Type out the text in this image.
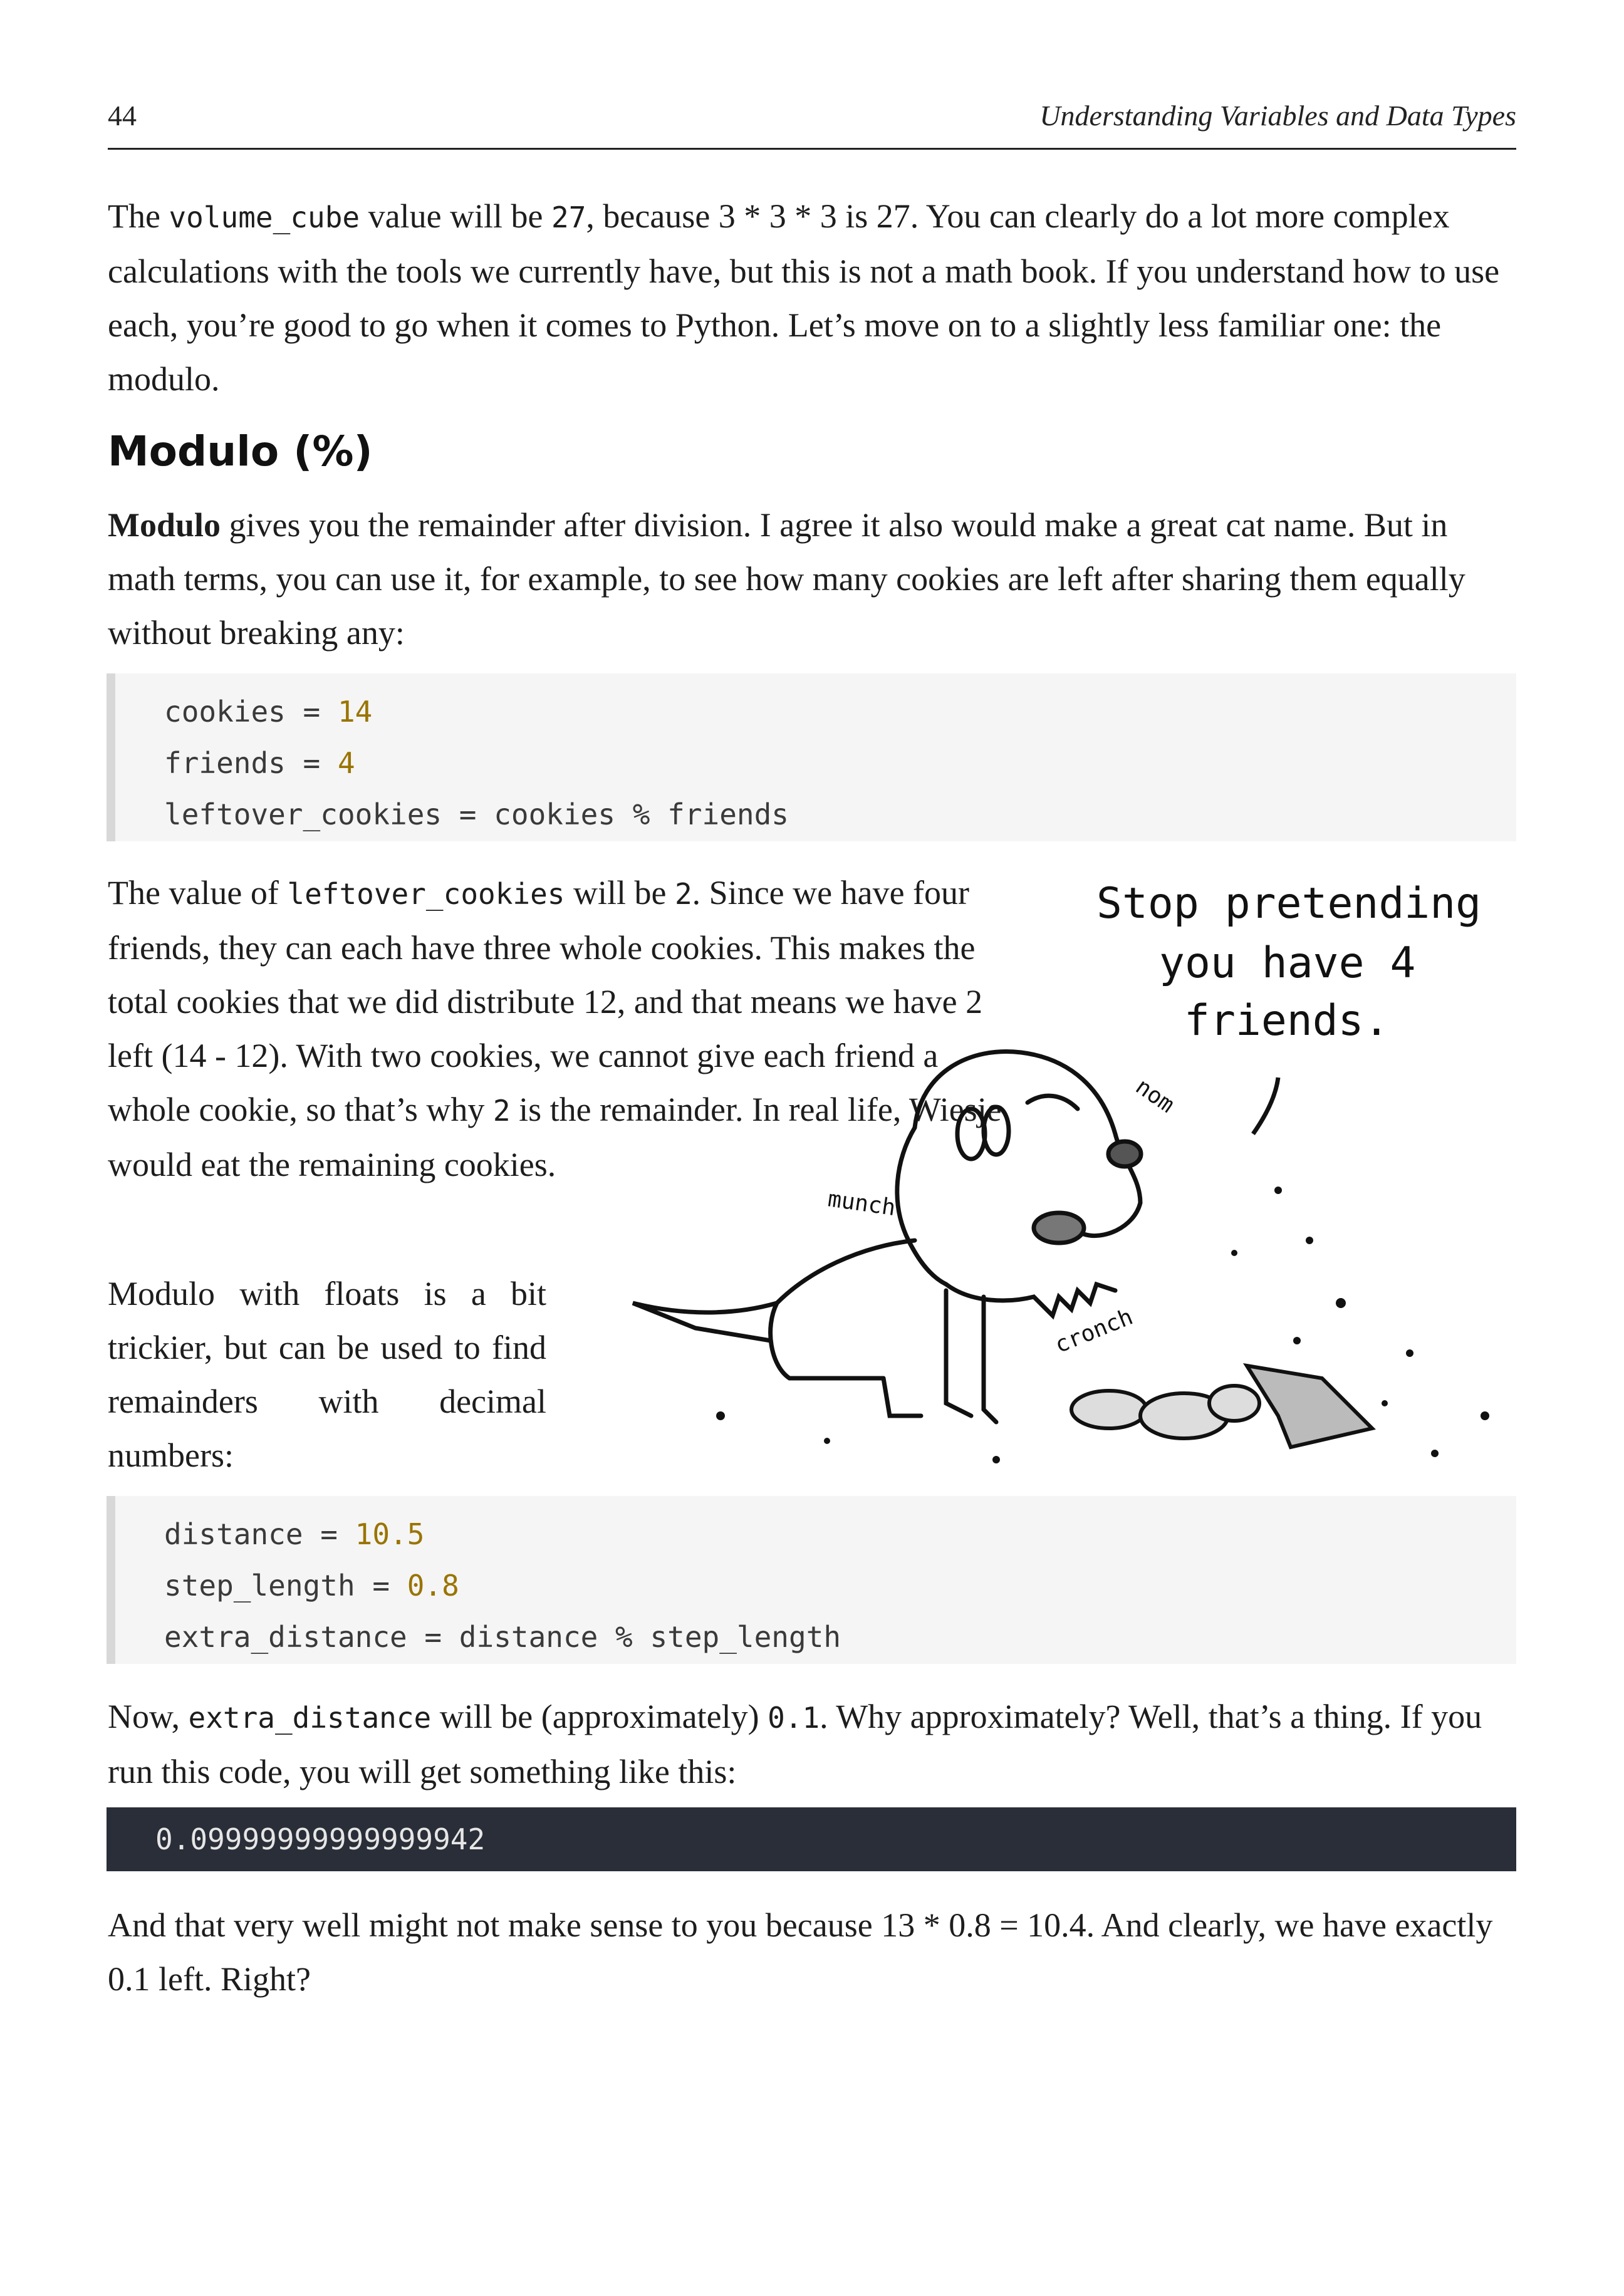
44	Understanding Variables and Data Types

The volume_cube value will be 27, because 3 * 3 * 3 is 27. You can clearly do a lot more complex calculations with the tools we currently have, but this is not a math book. If you understand how to use each, you’re good to go when it comes to Python. Let’s move on to a slightly less familiar one: the modulo.

Modulo (%)

Modulo gives you the remainder after division. I agree it also would make a great cat name. But in math terms, you can use it, for example, to see how many cookies are left after sharing them equally without breaking any:

cookies = 14
friends = 4
leftover_cookies = cookies % friends

The value of leftover_cookies will be 2. Since we have four friends, they can each have three whole cookies. This makes the total cookies that we did distribute 12, and that means we have 2 left (14 - 12). With two cookies, we cannot give each friend a whole cookie, so that’s why 2 is the remainder. In real life, Wiesje would eat the remaining cookies.

Modulo with floats is a bit trickier, but can be used to find remainders with decimal numbers:

Stop pretending
you have 4
friends.
nom
munch
cronch
distance = 10.5
step_length = 0.8
extra_distance = distance % step_length

Now, extra_distance will be (approximately) 0.1. Why approximately? Well, that’s a thing. If you run this code, you will get something like this:

0.09999999999999942

And that very well might not make sense to you because 13 * 0.8 = 10.4. And clearly, we have exactly 0.1 left. Right?
